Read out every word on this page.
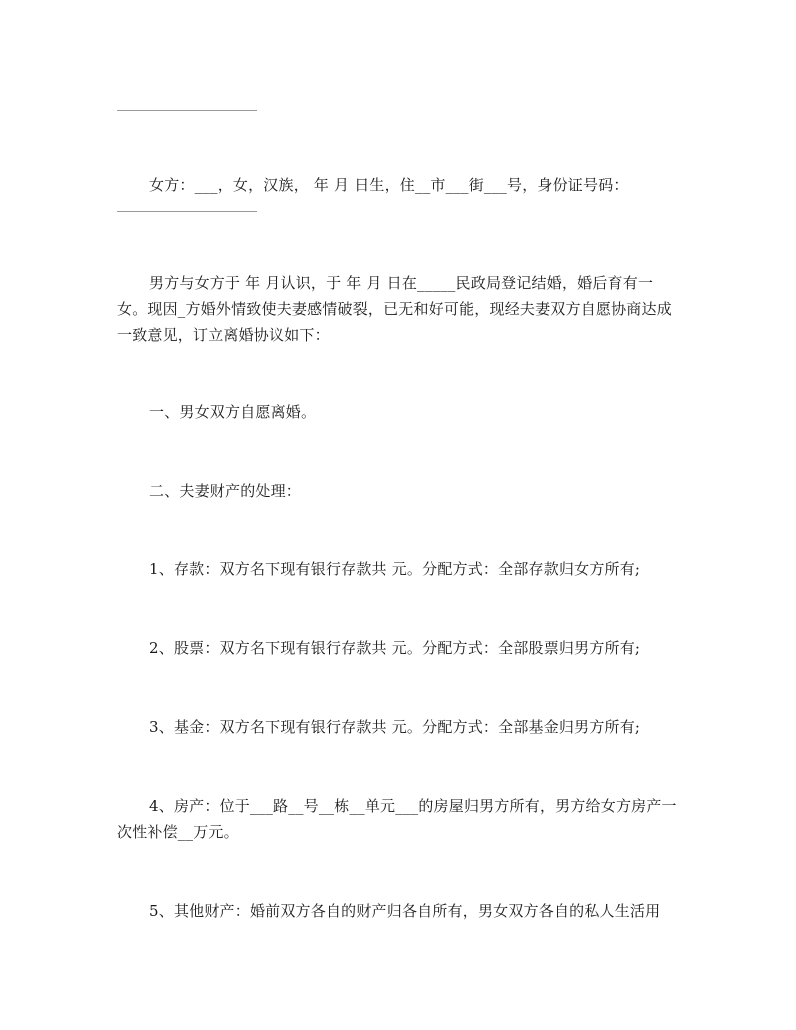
女方：___，女，汉族， 年 月 日生，住__市___街___号，身份证号码：

男方与女方于 年 月认识，于 年 月 日在_____民政局登记结婚，婚后育有一女。现因_方婚外情致使夫妻感情破裂，已无和好可能，现经夫妻双方自愿协商达成一致意见，订立离婚协议如下：

一、男女双方自愿离婚。

二、夫妻财产的处理：

1、存款：双方名下现有银行存款共 元。分配方式：全部存款归女方所有;

2、股票：双方名下现有银行存款共 元。分配方式：全部股票归男方所有;

3、基金：双方名下现有银行存款共 元。分配方式：全部基金归男方所有;

4、房产：位于___路__号__栋__单元___的房屋归男方所有，男方给女方房产一次性补偿__万元。

5、其他财产：婚前双方各自的财产归各自所有，男女双方各自的私人生活用
